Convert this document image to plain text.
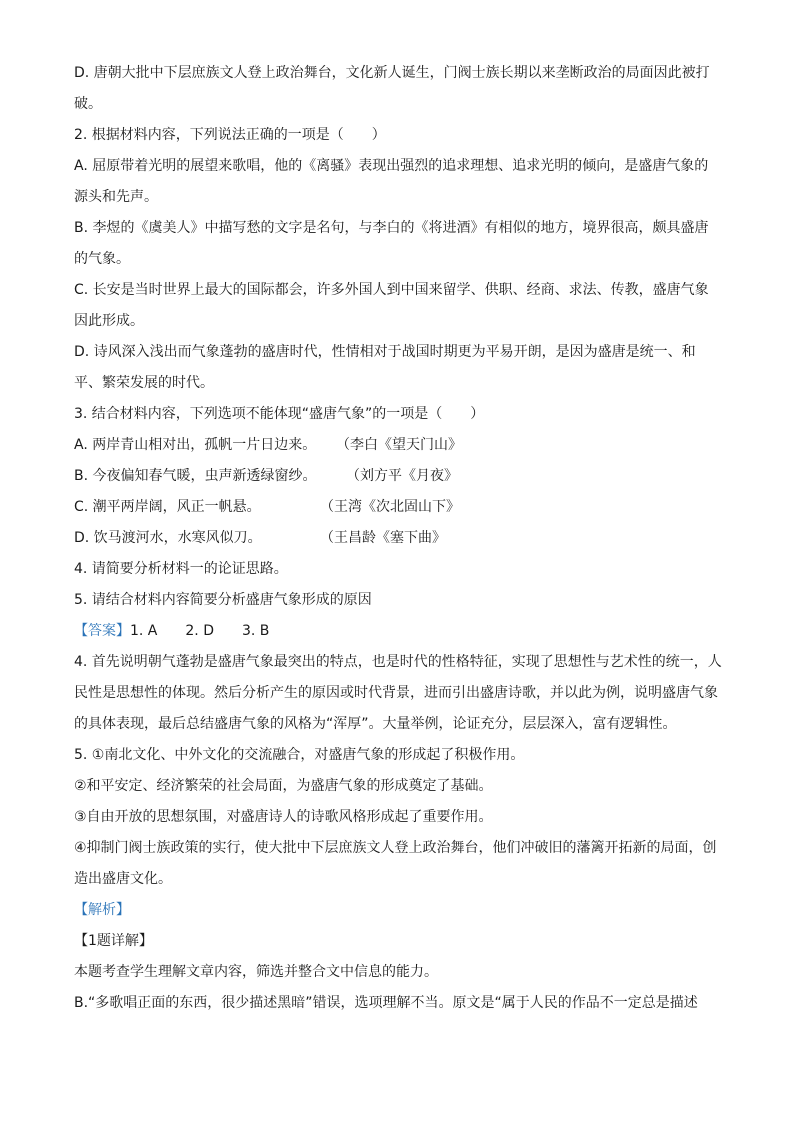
D. 唐朝大批中下层庶族文人登上政治舞台，文化新人诞生，门阀士族长期以来垄断政治的局面因此被打
破。
2. 根据材料内容，下列说法正确的一项是（　　）
A. 屈原带着光明的展望来歌唱，他的《离骚》表现出强烈的追求理想、追求光明的倾向，是盛唐气象的
源头和先声。
B. 李煜的《虞美人》中描写愁的文字是名句，与李白的《将进酒》有相似的地方，境界很高，颇具盛唐
的气象。
C. 长安是当时世界上最大的国际都会，许多外国人到中国来留学、供职、经商、求法、传教，盛唐气象
因此形成。
D. 诗风深入浅出而气象蓬勃的盛唐时代，性情相对于战国时期更为平易开朗，是因为盛唐是统一、和
平、繁荣发展的时代。
3. 结合材料内容，下列选项不能体现“盛唐气象”的一项是（　　）
A. 两岸青山相对出，孤帆一片日边来。 （李白《望天门山》
B. 今夜偏知春气暖，虫声新透绿窗纱。 （刘方平《月夜》
C. 潮平两岸阔，风正一帆悬。	（王湾《次北固山下》
D. 饮马渡河水，水寒风似刀。	（王昌龄《塞下曲》
4. 请简要分析材料一的论证思路。
5. 请结合材料内容简要分析盛唐气象形成的原因
【答案】1. A　　2. D　　3. B
4. 首先说明朝气蓬勃是盛唐气象最突出的特点，也是时代的性格特征，实现了思想性与艺术性的统一，人
民性是思想性的体现。然后分析产生的原因或时代背景，进而引出盛唐诗歌，并以此为例，说明盛唐气象
的具体表现，最后总结盛唐气象的风格为“浑厚”。大量举例，论证充分，层层深入，富有逻辑性。
5. ①南北文化、中外文化的交流融合，对盛唐气象的形成起了积极作用。
②和平安定、经济繁荣的社会局面，为盛唐气象的形成奠定了基础。
③自由开放的思想氛围，对盛唐诗人的诗歌风格形成起了重要作用。
④抑制门阀士族政策的实行，使大批中下层庶族文人登上政治舞台，他们冲破旧的藩篱开拓新的局面，创
造出盛唐文化。
【解析】
【1题详解】
本题考查学生理解文章内容，筛选并整合文中信息的能力。
B.“多歌唱正面的东西，很少描述黑暗”错误，选项理解不当。原文是“属于人民的作品不一定总是描述
